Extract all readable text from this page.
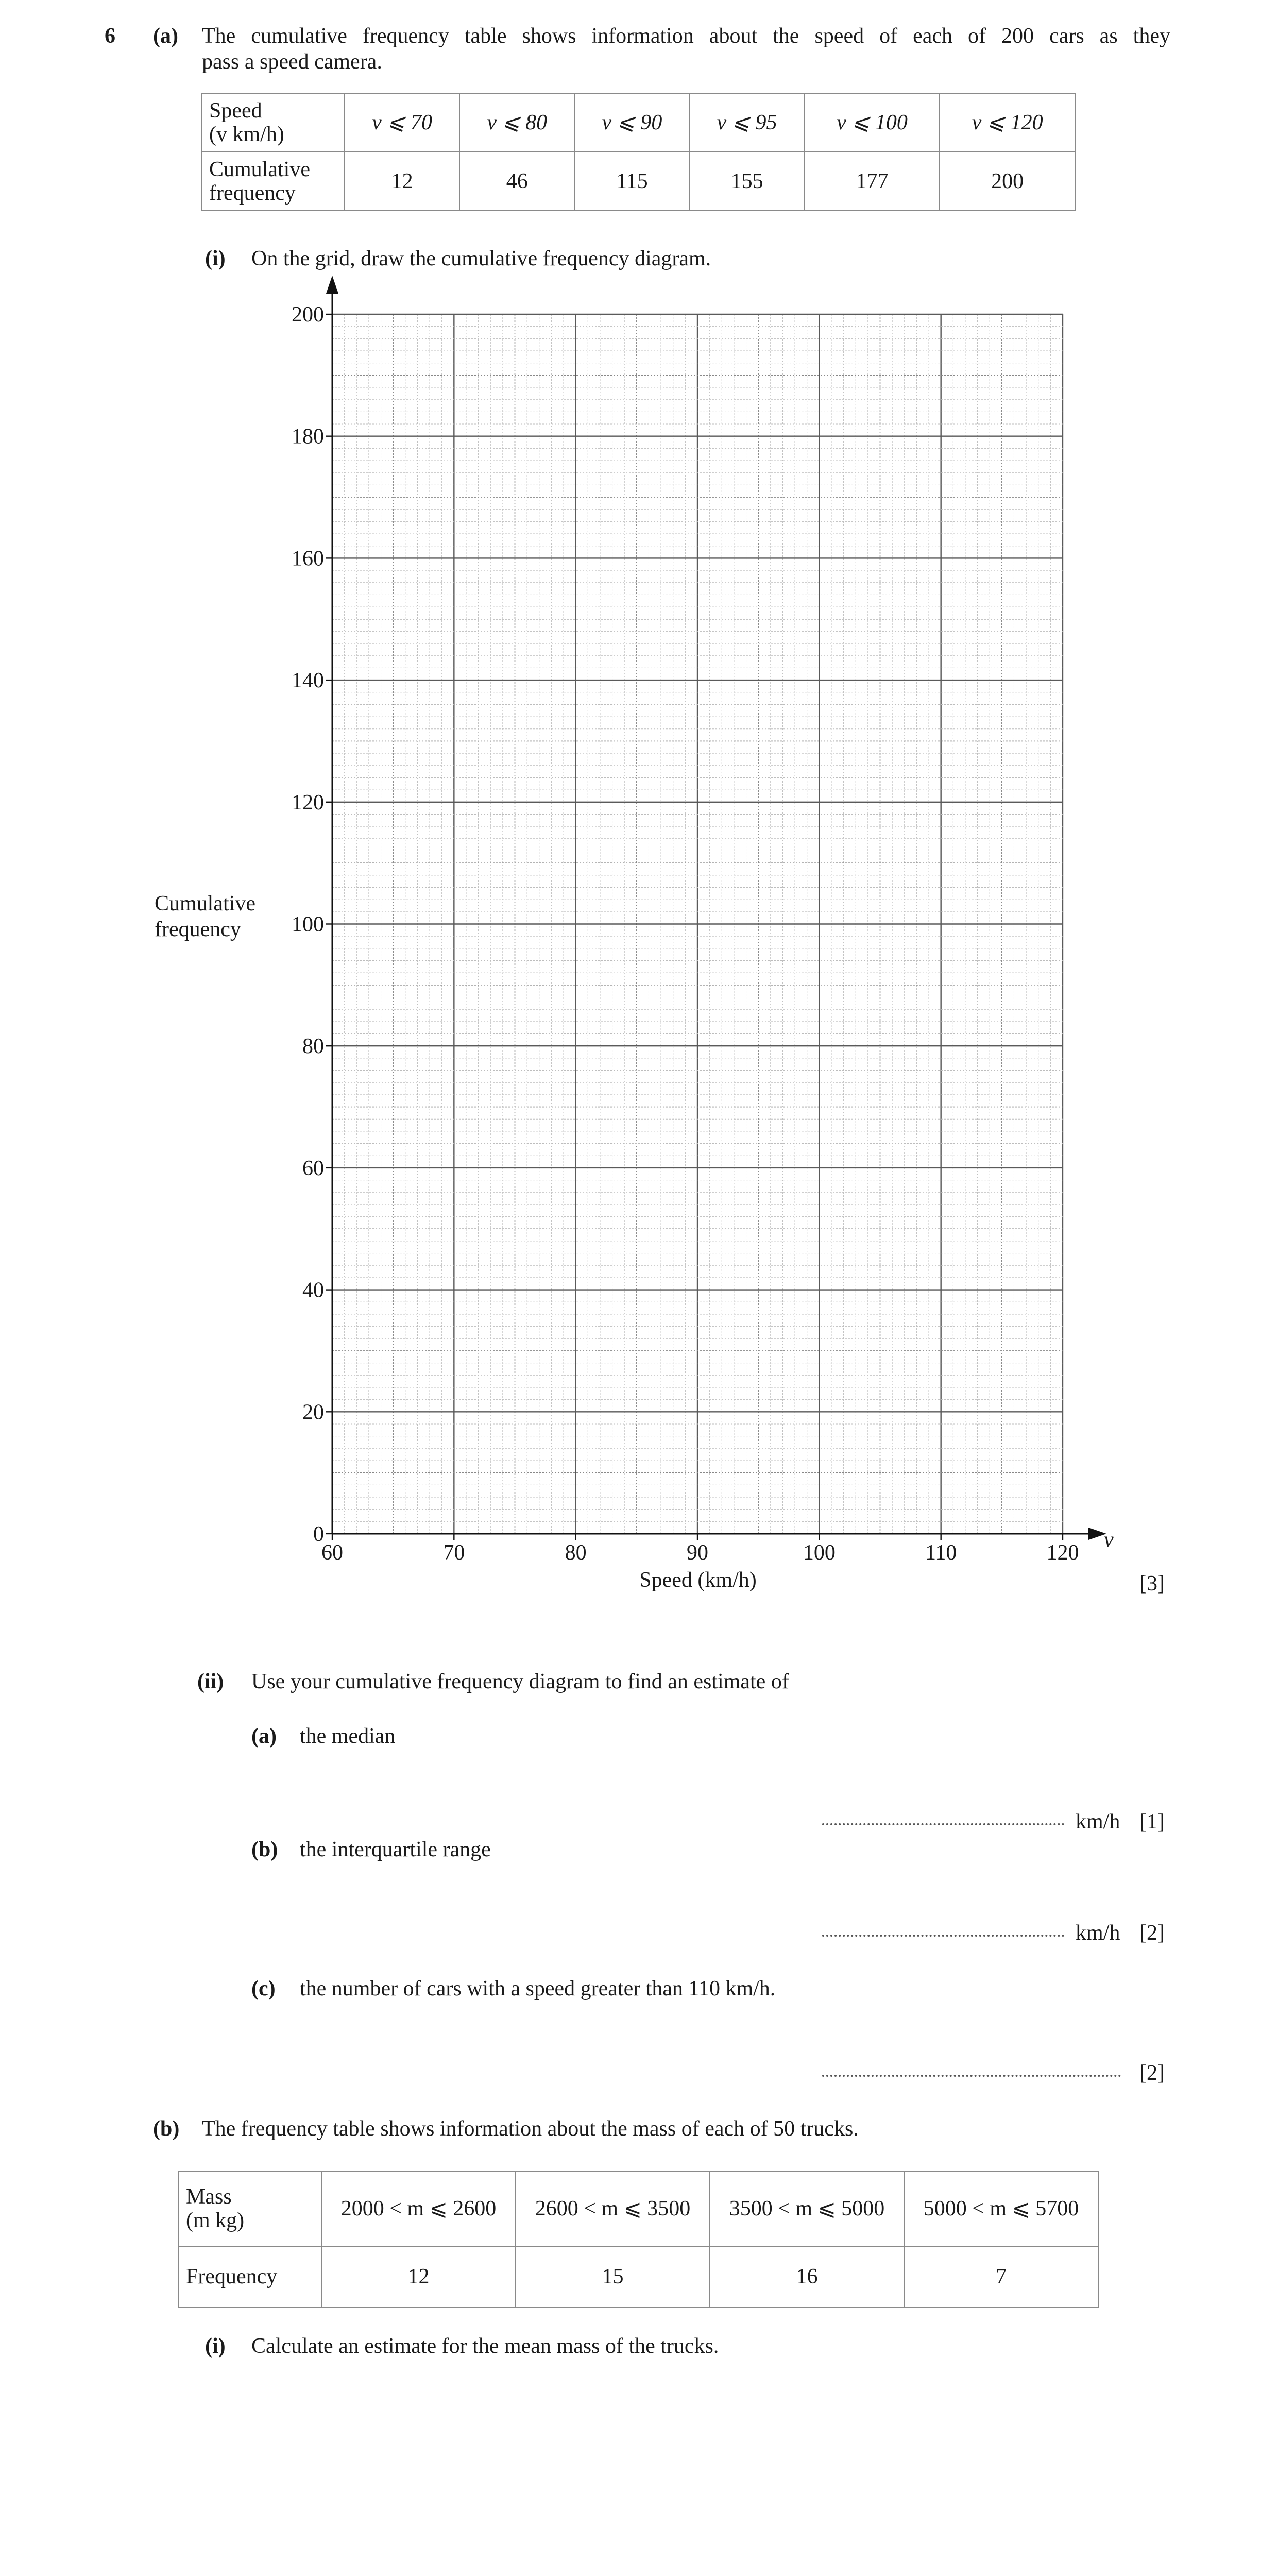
6 (a) The cumulative frequency table shows information about the speed of each of 200 cars as they
pass a speed camera.
Speed
(v km/h)	v ⩽ 70	v ⩽ 80	v ⩽ 90	v ⩽ 95	v ⩽ 100	v ⩽ 120

Cumulative
frequency	12	46	115	155	177	200
(i) On the grid, draw the cumulative frequency diagram.
60	70	80	90	100	110	120
0
20
40
60
80
100
120
140
160
180
200
v
Speed (km/h)
Cumulative
frequency
[3]
(ii) Use your cumulative frequency diagram to find an estimate of
(a) the median
km/h [1]
(b) the interquartile range
km/h [2]
(c) the number of cars with a speed greater than 110 km/h.
[2]
(b) The frequency table shows information about the mass of each of 50 trucks.
Mass
(m kg)	2000 < m ⩽ 2600	2600 < m ⩽ 3500	3500 < m ⩽ 5000	5000 < m ⩽ 5700
Frequency	12	15	16	7
(i) Calculate an estimate for the mean mass of the trucks.
